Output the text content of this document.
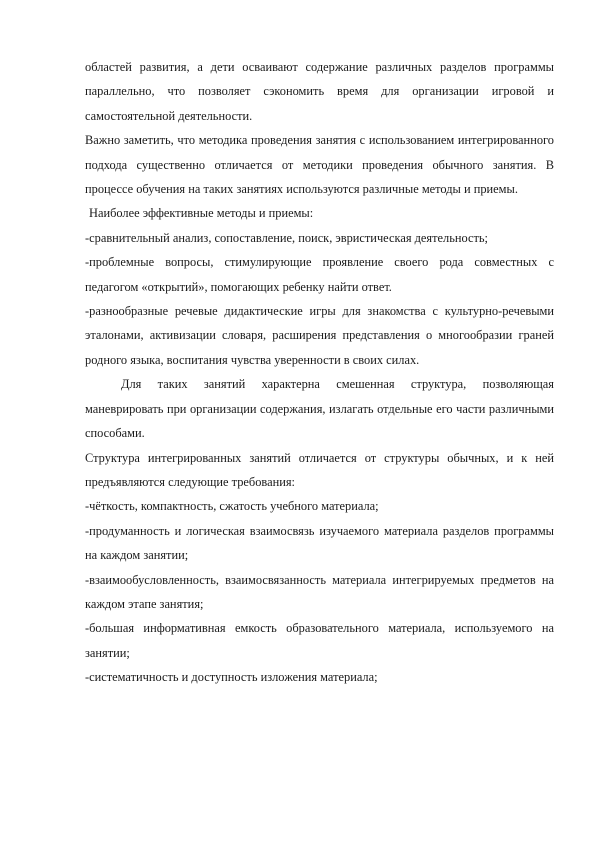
областей развития, а дети осваивают содержание различных разделов программы параллельно, что позволяет сэкономить время для организации игровой и самостоятельной деятельности.

Важно заметить, что методика проведения занятия с использованием интегрированного подхода существенно отличается от методики проведения обычного занятия. В процессе обучения на таких занятиях используются различные методы и приемы.

Наиболее эффективные методы и приемы:

-сравнительный анализ, сопоставление, поиск, эвристическая деятельность;

-проблемные вопросы, стимулирующие проявление своего рода совместных с педагогом «открытий», помогающих ребенку найти ответ.

-разнообразные речевые дидактические игры для знакомства с культурно-речевыми эталонами, активизации словаря, расширения представления о многообразии граней родного языка, воспитания чувства уверенности в своих силах.

Для таких занятий характерна смешенная структура, позволяющая маневрировать при организации содержания, излагать отдельные его части различными способами.

Структура интегрированных занятий отличается от структуры обычных, и к ней предъявляются следующие требования:

-чёткость, компактность, сжатость учебного материала;

-продуманность и логическая взаимосвязь изучаемого материала разделов программы на каждом занятии;

-взаимообусловленность, взаимосвязанность материала интегрируемых предметов на каждом этапе занятия;

-большая информативная емкость образовательного материала, используемого на занятии;

-систематичность и доступность изложения материала;
